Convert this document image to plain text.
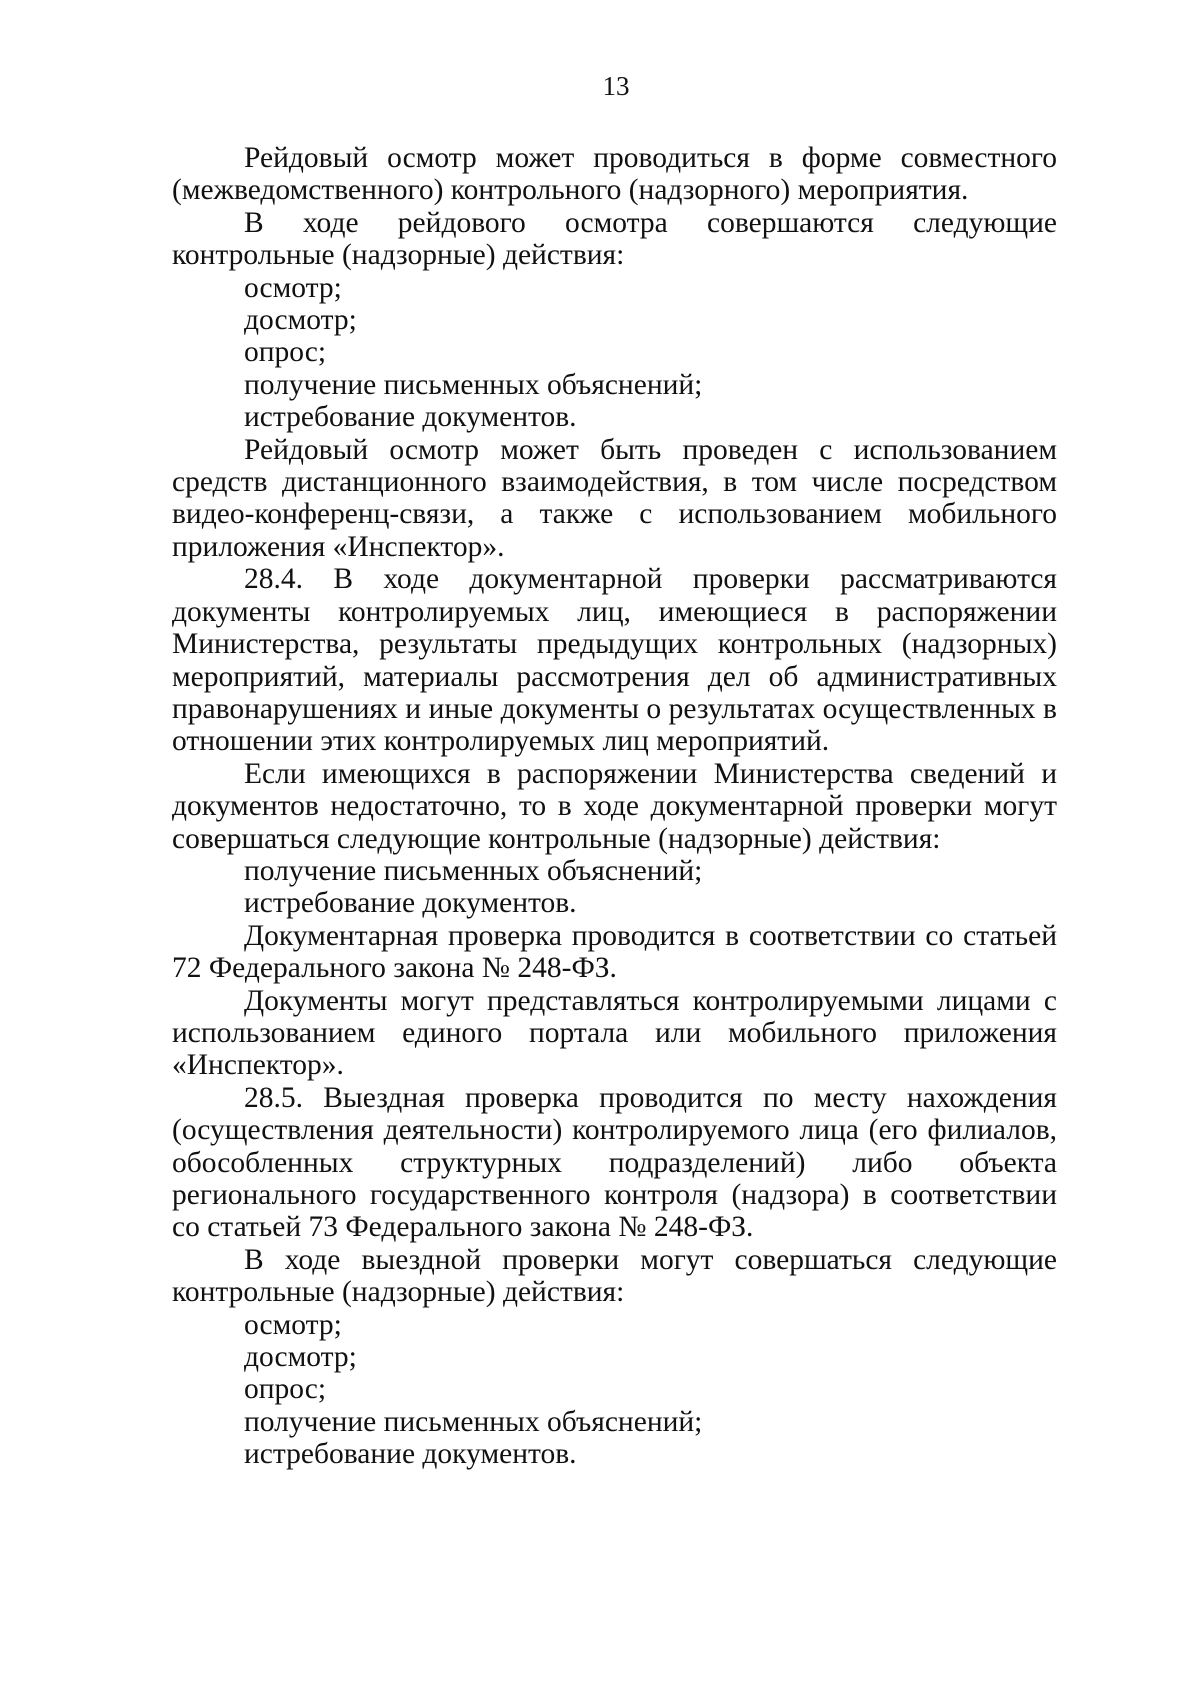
13

Рейдовый осмотр может проводиться в форме совместного (межведомственного) контрольного (надзорного) мероприятия.

В ходе рейдового осмотра совершаются следующие контрольные (надзорные) действия:

осмотр;

досмотр;

опрос;

получение письменных объяснений;

истребование документов.

Рейдовый осмотр может быть проведен с использованием средств дистанционного взаимодействия, в том числе посредством видео-конференц-связи, а также с использованием мобильного приложения «Инспектор».

28.4. В ходе документарной проверки рассматриваются документы контролируемых лиц, имеющиеся в распоряжении Министерства, результаты предыдущих контрольных (надзорных) мероприятий, материалы рассмотрения дел об административных правонарушениях и иные документы о результатах осуществленных в отношении этих контролируемых лиц мероприятий.

Если имеющихся в распоряжении Министерства сведений и документов недостаточно, то в ходе документарной проверки могут совершаться следующие контрольные (надзорные) действия:

получение письменных объяснений;

истребование документов.

Документарная проверка проводится в соответствии со статьей 72 Федерального закона № 248-ФЗ.

Документы могут представляться контролируемыми лицами с использованием единого портала или мобильного приложения «Инспектор».

28.5. Выездная проверка проводится по месту нахождения (осуществления деятельности) контролируемого лица (его филиалов, обособленных структурных подразделений) либо объекта регионального государственного контроля (надзора) в соответствии со статьей 73 Федерального закона № 248-ФЗ.

В ходе выездной проверки могут совершаться следующие контрольные (надзорные) действия:

осмотр;

досмотр;

опрос;

получение письменных объяснений;

истребование документов.
